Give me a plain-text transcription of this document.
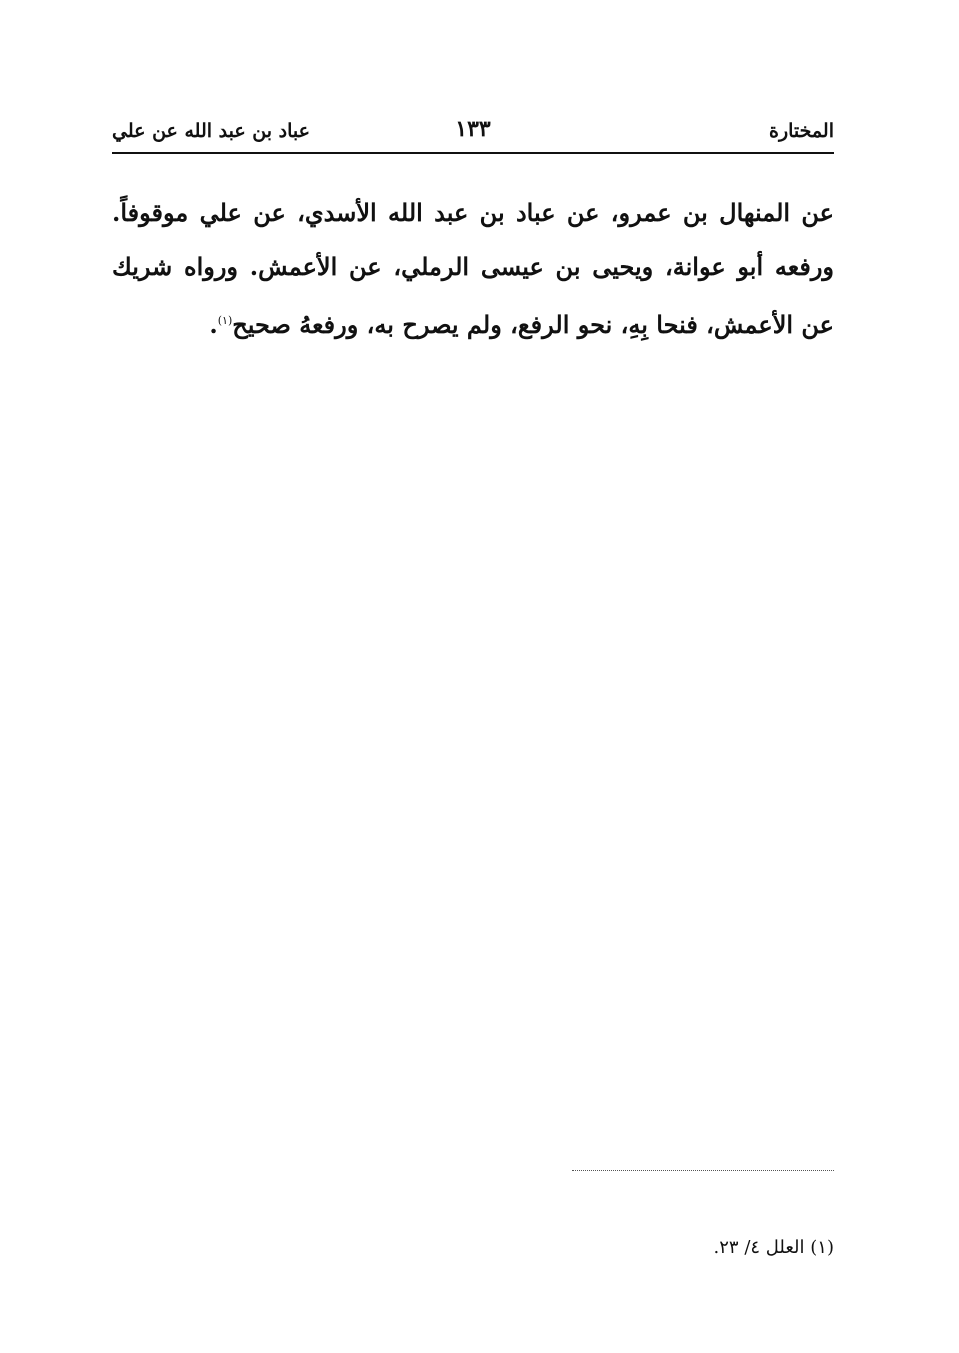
المختارة
١٣٣
عباد بن عبد الله عن علي
عن المنهال بن عمرو، عن عباد بن عبد الله الأسدي، عن علي موقوفاً.
ورفعه أبو عوانة، ويحيى بن عيسى الرملي، عن الأعمش. ورواه شريك
عن الأعمش، فنحا بِهِ، نحو الرفع، ولم يصرح به، ورفعهُ صحيح$^{(١)}$.
(١) العلل ٤/ ٢٣.
